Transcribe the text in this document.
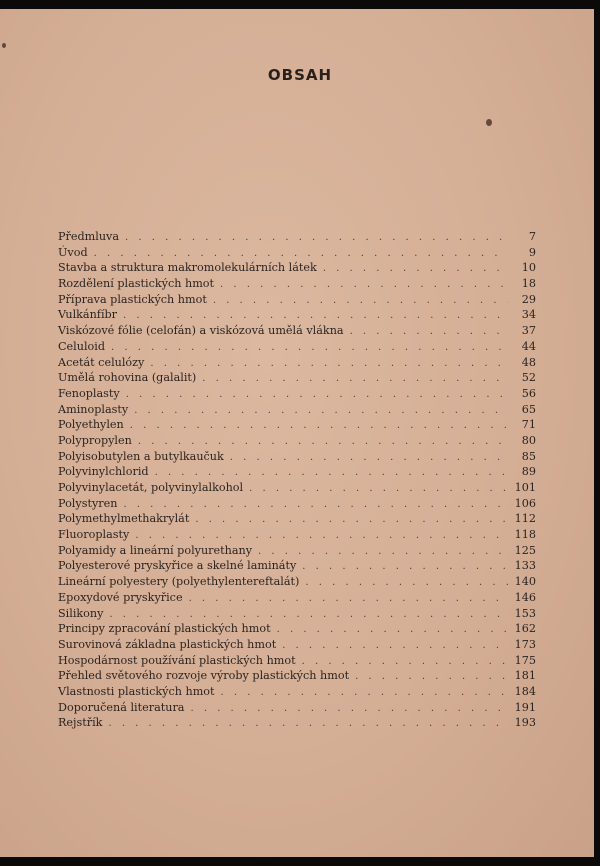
OBSAH
Předmluva . . .	7
Úvod . . .	9
Stavba a struktura makromolekulárních látek . . .	10
Rozdělení plastických hmot . . .	18
Příprava plastických hmot . . .	29
Vulkánfíbr . . .	34
Viskózové fólie (celofán) a viskózová umělá vlákna . . .	37
Celuloid . . .	44
Acetát celulózy . . .	48
Umělá rohovina (galalit) . . .	52
Fenoplasty . . .	56
Aminoplasty . . .	65
Polyethylen . . .	71
Polypropylen . . .	80
Polyisobutylen a butylkaučuk . . .	85
Polyvinylchlorid . . .	89
Polyvinylacetát, polyvinylalkohol . . .	101
Polystyren . . .	106
Polymethylmethakrylát . . .	112
Fluoroplasty . . .	118
Polyamidy a lineární polyurethany . . .	125
Polyesterové pryskyřice a skelné lamináty . . .	133
Lineární polyestery (polyethylentereftalát) . . .	140
Epoxydové pryskyřice . . .	146
Silikony . . .	153
Principy zpracování plastických hmot . . .	162
Surovinová základna plastických hmot . . .	173
Hospodárnost používání plastických hmot . . .	175
Přehled světového rozvoje výroby plastických hmot . . .	181
Vlastnosti plastických hmot . . .	184
Doporučená literatura . . .	191
Rejstřík . . .	193
